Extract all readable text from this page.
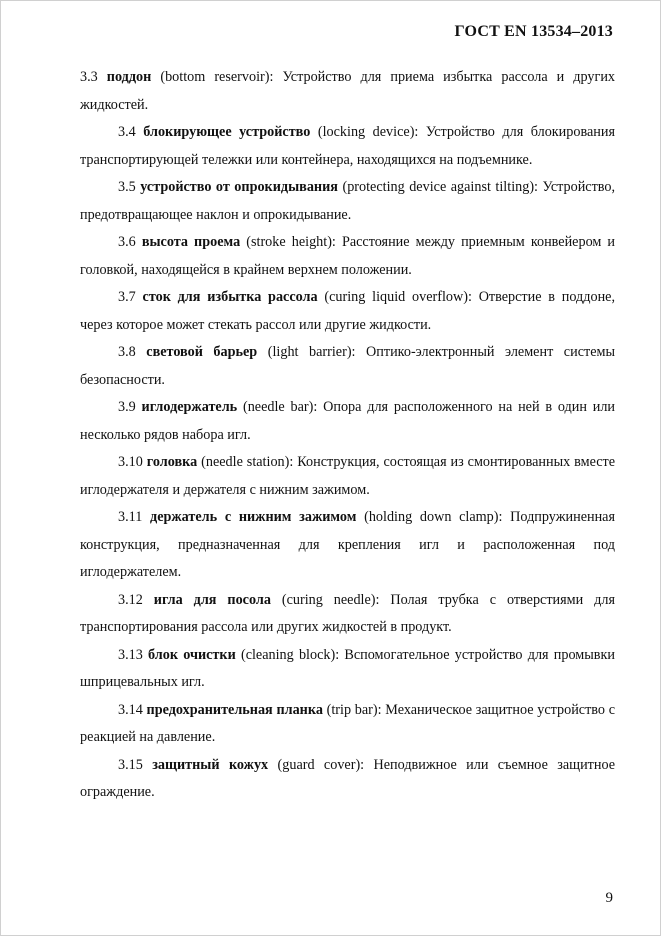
ГОСТ EN 13534–2013

3.3 поддон (bottom reservoir): Устройство для приема избытка рассола и других жидкостей.

3.4 блокирующее устройство (locking device): Устройство для блокирования транспортирующей тележки или контейнера, находящихся на подъемнике.

3.5 устройство от опрокидывания (protecting device against tilting): Устройство, предотвращающее наклон и опрокидывание.

3.6 высота проема (stroke height): Расстояние между приемным конвейером и головкой, находящейся в крайнем верхнем положении.

3.7 сток для избытка рассола (curing liquid overflow): Отверстие в поддоне, через которое может стекать рассол или другие жидкости.

3.8 световой барьер (light barrier): Оптико-электронный элемент системы безопасности.

3.9 иглодержатель (needle bar): Опора для расположенного на ней в один или несколько рядов набора игл.

3.10 головка (needle station): Конструкция, состоящая из смонтированных вместе иглодержателя и держателя с нижним зажимом.

3.11 держатель с нижним зажимом (holding down clamp): Подпружиненная конструкция, предназначенная для крепления игл и расположенная под иглодержателем.

3.12 игла для посола (curing needle): Полая трубка с отверстиями для транспортирования рассола или других жидкостей в продукт.

3.13 блок очистки (cleaning block): Вспомогательное устройство для промывки шприцевальных игл.

3.14 предохранительная планка (trip bar): Механическое защитное устройство с реакцией на давление.

3.15 защитный кожух (guard cover): Неподвижное или съемное защитное ограждение.

9
